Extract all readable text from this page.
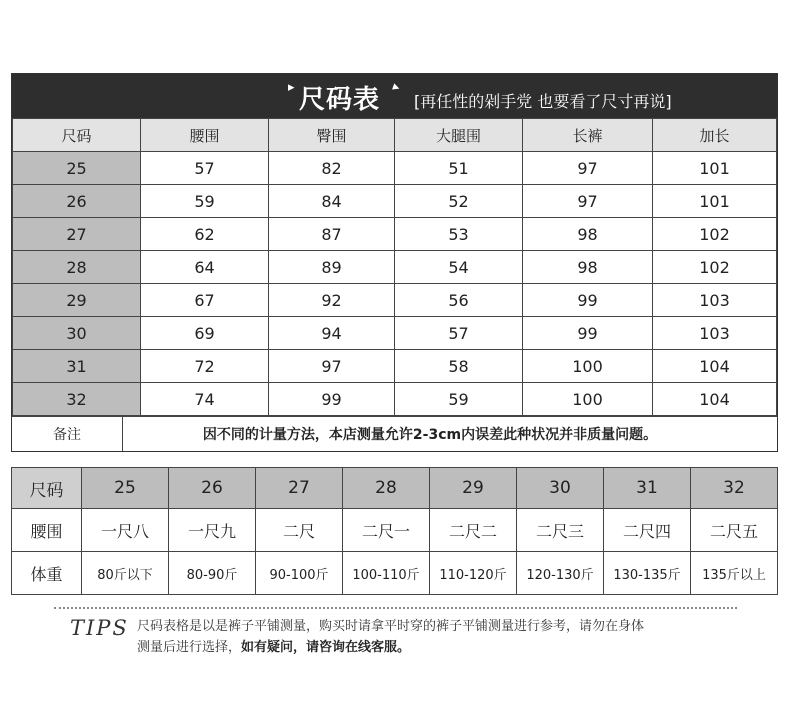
▸ 尺码表 ▸
[再任性的剁手党 也要看了尺寸再说]
尺码	腰围	臀围	大腿围	长裤	加长
25	57	82	51	97	101
26	59	84	52	97	101
27	62	87	53	98	102
28	64	89	54	98	102
29	67	92	56	99	103
30	69	94	57	99	103
31	72	97	58	100	104
32	74	99	59	100	104
备注	因不同的计量方法，本店测量允许2-3cm内误差此种状况并非质量问题。
尺码	25	26	27	28	29	30	31	32
腰围	一尺八	一尺九	二尺	二尺一	二尺二	二尺三	二尺四	二尺五
体重	80斤以下	80-90斤	90-100斤	100-110斤	110-120斤	120-130斤	130-135斤	135斤以上
TIPS 尺码表格是以是裤子平铺测量，购买时请拿平时穿的裤子平铺测量进行参考，请勿在身体
测量后进行选择，如有疑问，请咨询在线客服。
